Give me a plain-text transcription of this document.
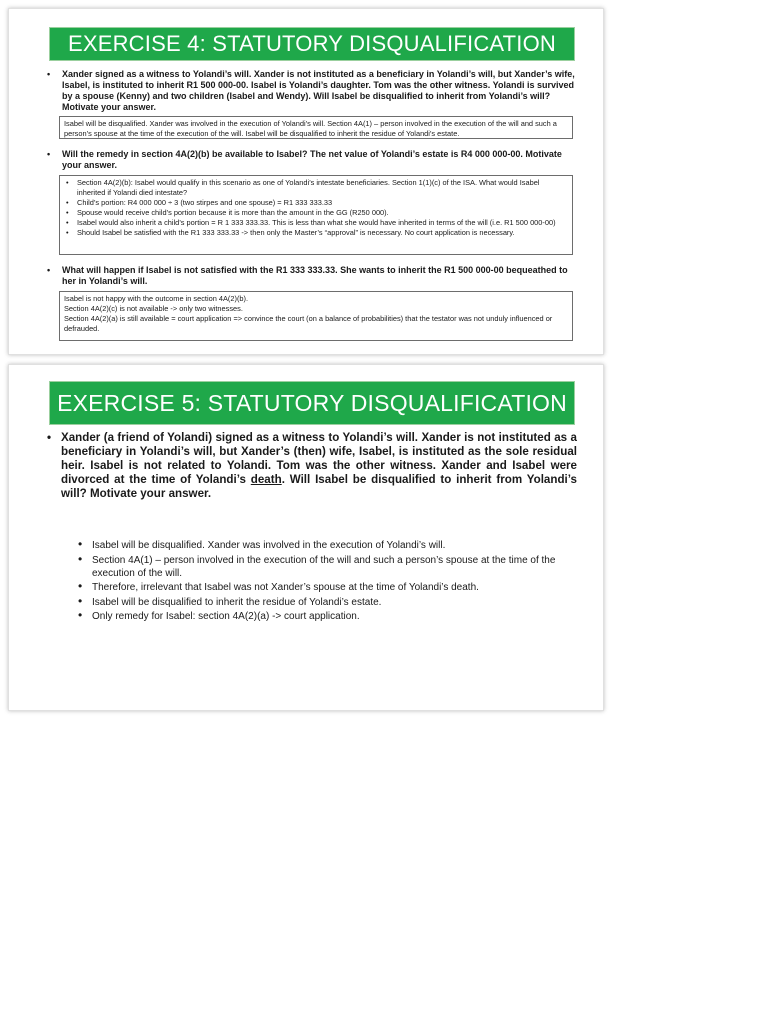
EXERCISE 4: STATUTORY DISQUALIFICATION
• Xander signed as a witness to Yolandi’s will. Xander is not instituted as a beneficiary in Yolandi’s will, but Xander’s wife, Isabel, is instituted to inherit R1 500 000-00. Isabel is Yolandi’s daughter. Tom was the other witness. Yolandi is survived by a spouse (Kenny) and two children (Isabel and Wendy). Will Isabel be disqualified to inherit from Yolandi’s will? Motivate your answer.
Isabel will be disqualified. Xander was involved in the execution of Yolandi’s will. Section 4A(1) – person involved in the execution of the will and such a person’s spouse at the time of the execution of the will. Isabel will be disqualified to inherit the residue of Yolandi’s estate.
• Will the remedy in section 4A(2)(b) be available to Isabel? The net value of Yolandi’s estate is R4 000 000-00. Motivate your answer.
• Section 4A(2)(b): Isabel would qualify in this scenario as one of Yolandi’s intestate beneficiaries. Section 1(1)(c) of the ISA. What would Isabel inherited if Yolandi died intestate?
• Child’s portion: R4 000 000 ÷ 3 (two stirpes and one spouse) = R1 333 333.33
• Spouse would receive child’s portion because it is more than the amount in the GG (R250 000).
• Isabel would also inherit a child’s portion = R 1 333 333.33. This is less than what she would have inherited in terms of the will (i.e. R1 500 000-00)
• Should Isabel be satisfied with the R1 333 333.33 -> then only the Master’s “approval” is necessary. No court application is necessary.
• What will happen if Isabel is not satisfied with the R1 333 333.33. She wants to inherit the R1 500 000-00 bequeathed to her in Yolandi’s will.
Isabel is not happy with the outcome in section 4A(2)(b).
Section 4A(2)(c) is not available -> only two witnesses.
Section 4A(2)(a) is still available = court application => convince the court (on a balance of probabilities) that the testator was not unduly influenced or defrauded.
EXERCISE 5: STATUTORY DISQUALIFICATION
• Xander (a friend of Yolandi) signed as a witness to Yolandi’s will. Xander is not instituted as a beneficiary in Yolandi’s will, but Xander’s (then) wife, Isabel, is instituted as the sole residual heir. Isabel is not related to Yolandi. Tom was the other witness. Xander and Isabel were divorced at the time of Yolandi’s death. Will Isabel be disqualified to inherit from Yolandi’s will? Motivate your answer.
• Isabel will be disqualified. Xander was involved in the execution of Yolandi’s will.
• Section 4A(1) – person involved in the execution of the will and such a person’s spouse at the time of the execution of the will.
• Therefore, irrelevant that Isabel was not Xander’s spouse at the time of Yolandi’s death.
• Isabel will be disqualified to inherit the residue of Yolandi’s estate.
• Only remedy for Isabel: section 4A(2)(a) -> court application.
